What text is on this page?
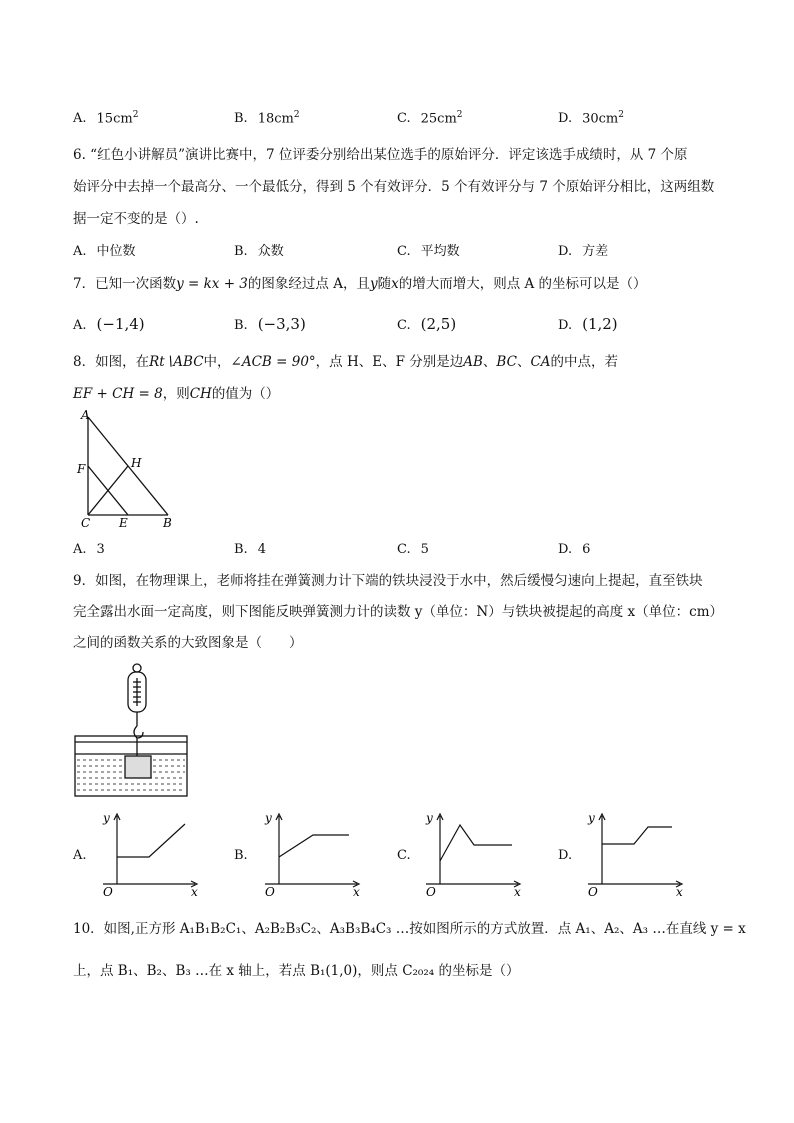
A. $15cm^2$	B. $18cm^2$	C. $25cm^2$	D. $30cm^2$
6. “红色小讲解员”演讲比赛中，7 位评委分别给出某位选手的原始评分．评定该选手成绩时，从 7 个原
始评分中去掉一个最高分、一个最低分，得到 5 个有效评分．5 个有效评分与 7 个原始评分相比，这两组数
据一定不变的是（）.
A. 中位数	B. 众数	C. 平均数	D. 方差
7．已知一次函数y = kx + 3的图象经过点 A，且y随x的增大而增大，则点 A 的坐标可以是（）
A. (−1,4)	B. (−3,3)	C. (2,5)	D. (1,2)
8．如图，在Rt∖ABC中，∠ACB = 90°，点 H、E、F 分别是边AB、BC、CA的中点，若
EF + CH = 8，则CH的值为（）
A
H
F
C E	B
A. 3	B. 4	C. 5	D. 6
9．如图，在物理课上，老师将挂在弹簧测力计下端的铁块浸没于水中，然后缓慢匀速向上提起，直至铁块
完全露出水面一定高度，则下图能反映弹簧测力计的读数 y（单位：N）与铁块被提起的高度 x（单位：cm）
之间的函数关系的大致图象是（　　）
A.	B.	C.	D.
y
x
O
y
x
O
y
x
O
y
x
O
10．如图,正方形 A₁B₁B₂C₁、A₂B₂B₃C₂、A₃B₃B₄C₃ …按如图所示的方式放置．点 A₁、A₂、A₃ …在直线 y = x
上，点 B₁、B₂、B₃ …在 x 轴上，若点 B₁(1,0)，则点 C₂₀₂₄ 的坐标是（）
